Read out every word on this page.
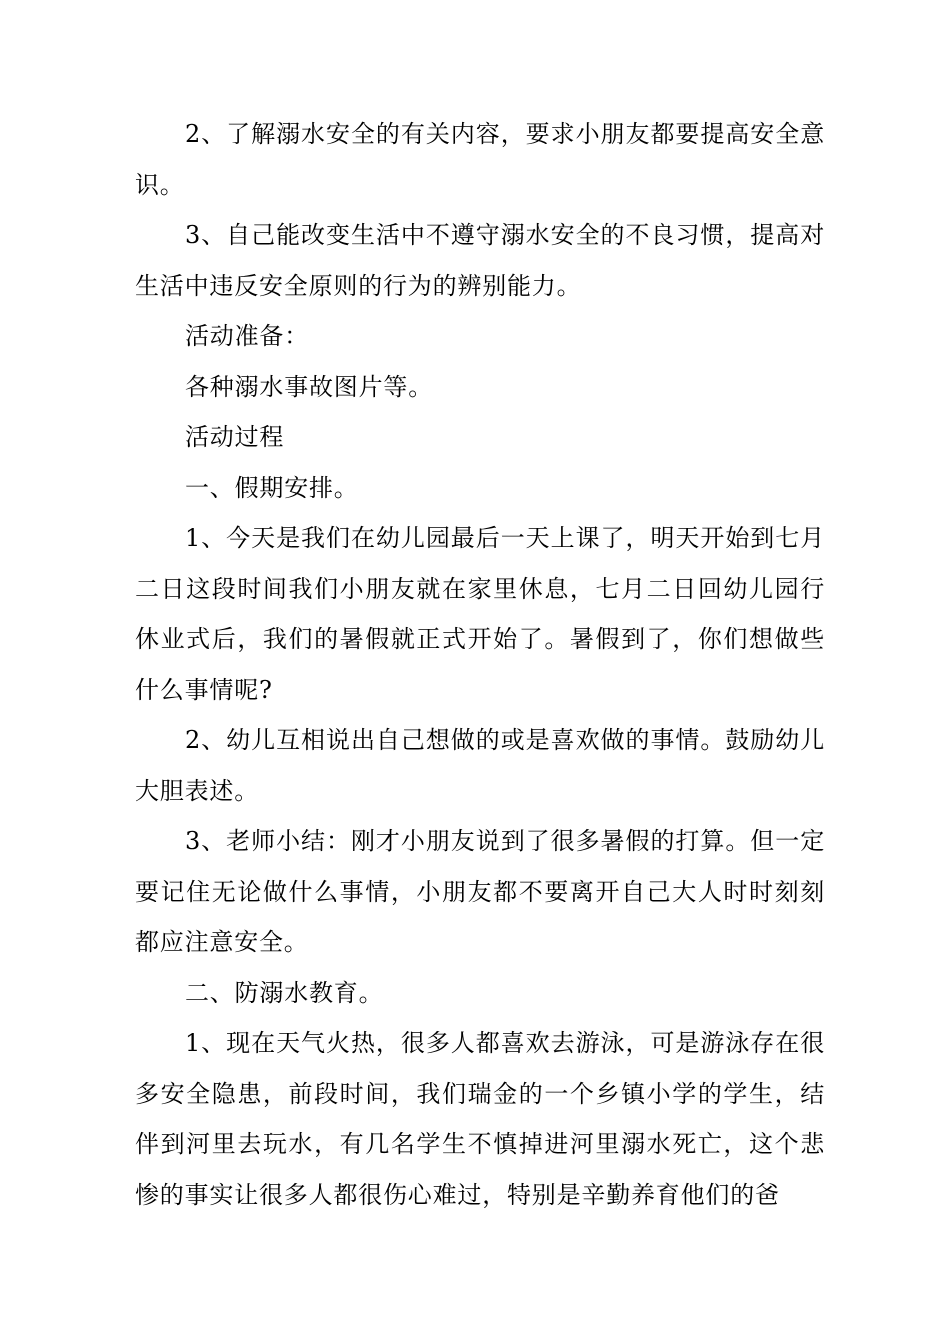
2、了解溺水安全的有关内容，要求小朋友都要提高安全意识。

3、自己能改变生活中不遵守溺水安全的不良习惯，提高对生活中违反安全原则的行为的辨别能力。

活动准备：

各种溺水事故图片等。

活动过程

一、假期安排。

1、今天是我们在幼儿园最后一天上课了，明天开始到七月二日这段时间我们小朋友就在家里休息，七月二日回幼儿园行休业式后，我们的暑假就正式开始了。暑假到了，你们想做些什么事情呢?

2、幼儿互相说出自己想做的或是喜欢做的事情。鼓励幼儿大胆表述。

3、老师小结：刚才小朋友说到了很多暑假的打算。但一定要记住无论做什么事情，小朋友都不要离开自己大人时时刻刻都应注意安全。

二、防溺水教育。

1、现在天气火热，很多人都喜欢去游泳，可是游泳存在很多安全隐患，前段时间，我们瑞金的一个乡镇小学的学生，结伴到河里去玩水，有几名学生不慎掉进河里溺水死亡，这个悲惨的事实让很多人都很伤心难过，特别是辛勤养育他们的爸
